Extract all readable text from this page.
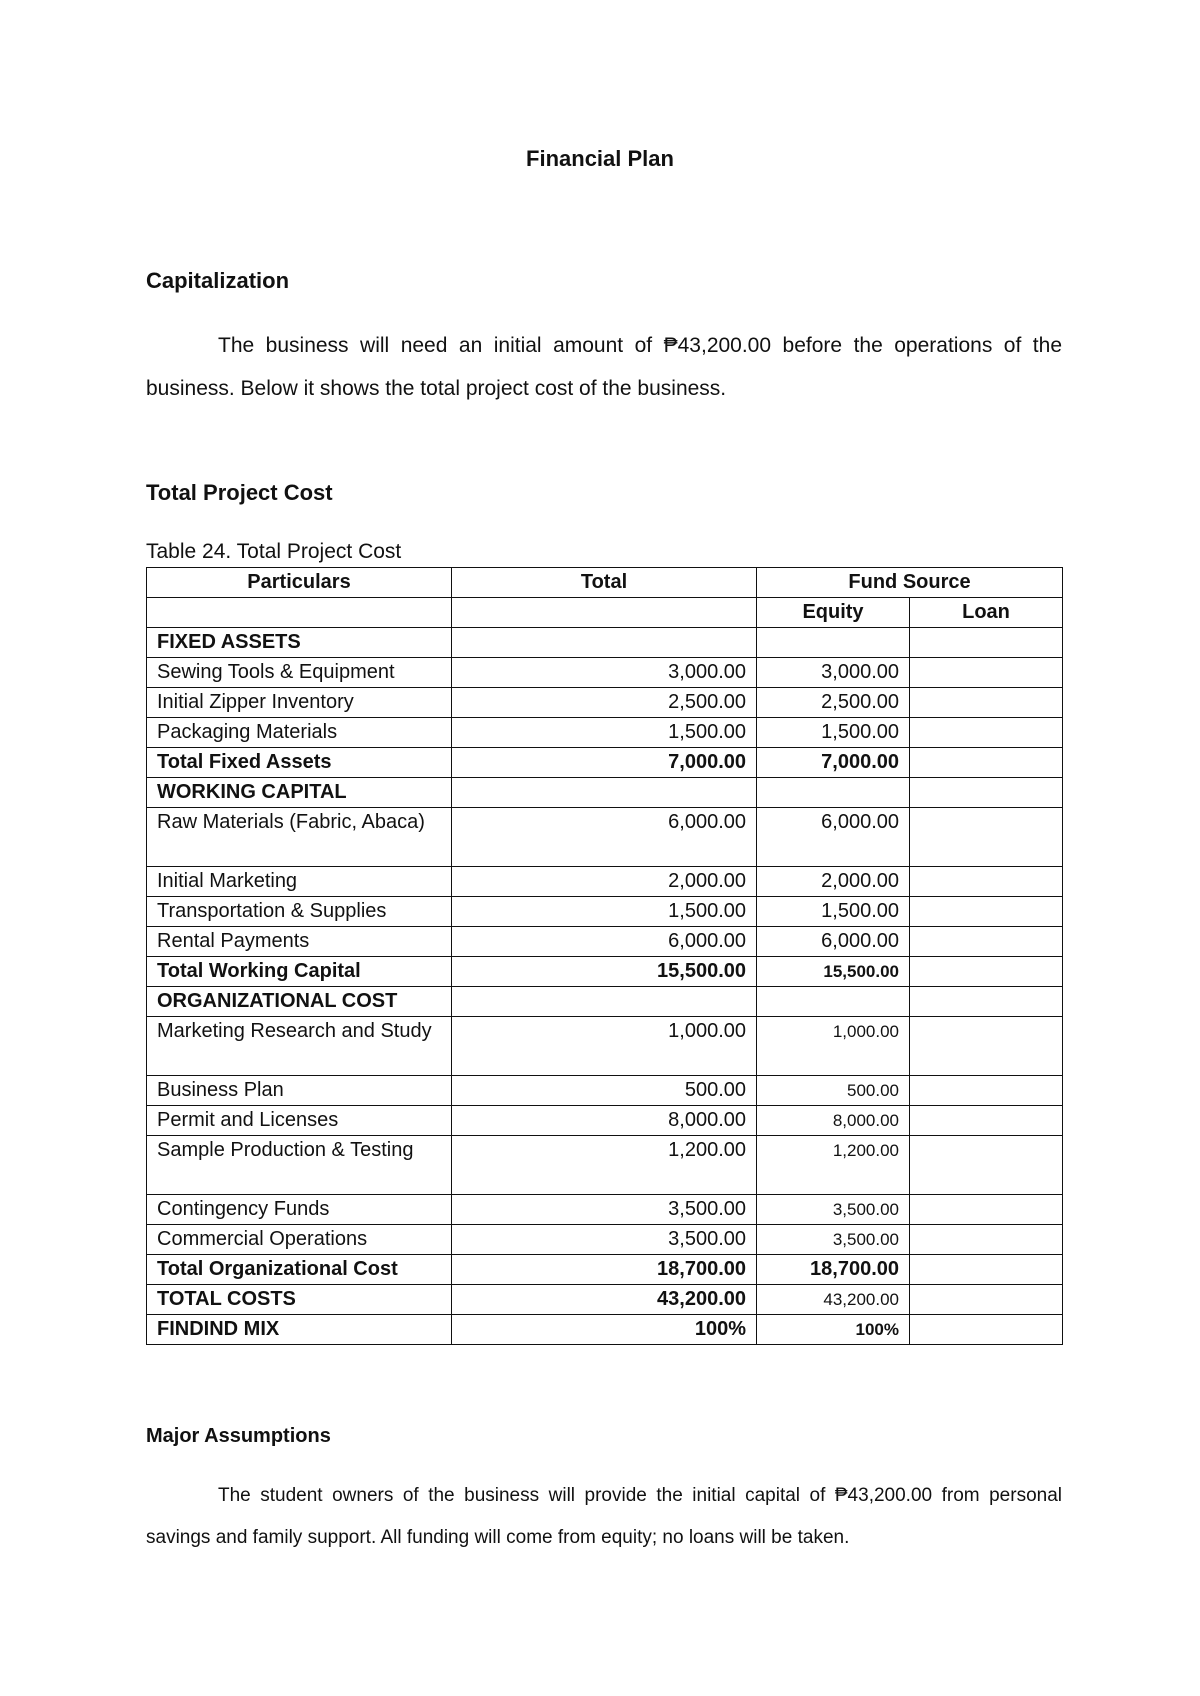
Financial Plan
Capitalization

The business will need an initial amount of ₱43,200.00 before the operations of the business. Below it shows the total project cost of the business.

Total Project Cost
Table 24. Total Project Cost
Particulars	Total	Fund Source	
		Equity	Loan
FIXED ASSETS			
Sewing Tools & Equipment	3,000.00	3,000.00	
Initial Zipper Inventory	2,500.00	2,500.00	
Packaging Materials	1,500.00	1,500.00	
Total Fixed Assets	7,000.00	7,000.00	
WORKING CAPITAL			
Raw Materials (Fabric, Abaca)	6,000.00	6,000.00	
Initial Marketing	2,000.00	2,000.00	
Transportation & Supplies	1,500.00	1,500.00	
Rental Payments	6,000.00	6,000.00	
Total Working Capital	15,500.00	15,500.00	
ORGANIZATIONAL COST			
Marketing Research and Study	1,000.00	1,000.00	
Business Plan	500.00	500.00	
Permit and Licenses	8,000.00	8,000.00	
Sample Production & Testing	1,200.00	1,200.00	
Contingency Funds	3,500.00	3,500.00	
Commercial Operations	3,500.00	3,500.00	
Total Organizational Cost	18,700.00	18,700.00	
TOTAL COSTS	43,200.00	43,200.00	
FINDIND MIX	100%	100%	
Major Assumptions

The student owners of the business will provide the initial capital of ₱43,200.00 from personal savings and family support. All funding will come from equity; no loans will be taken.
